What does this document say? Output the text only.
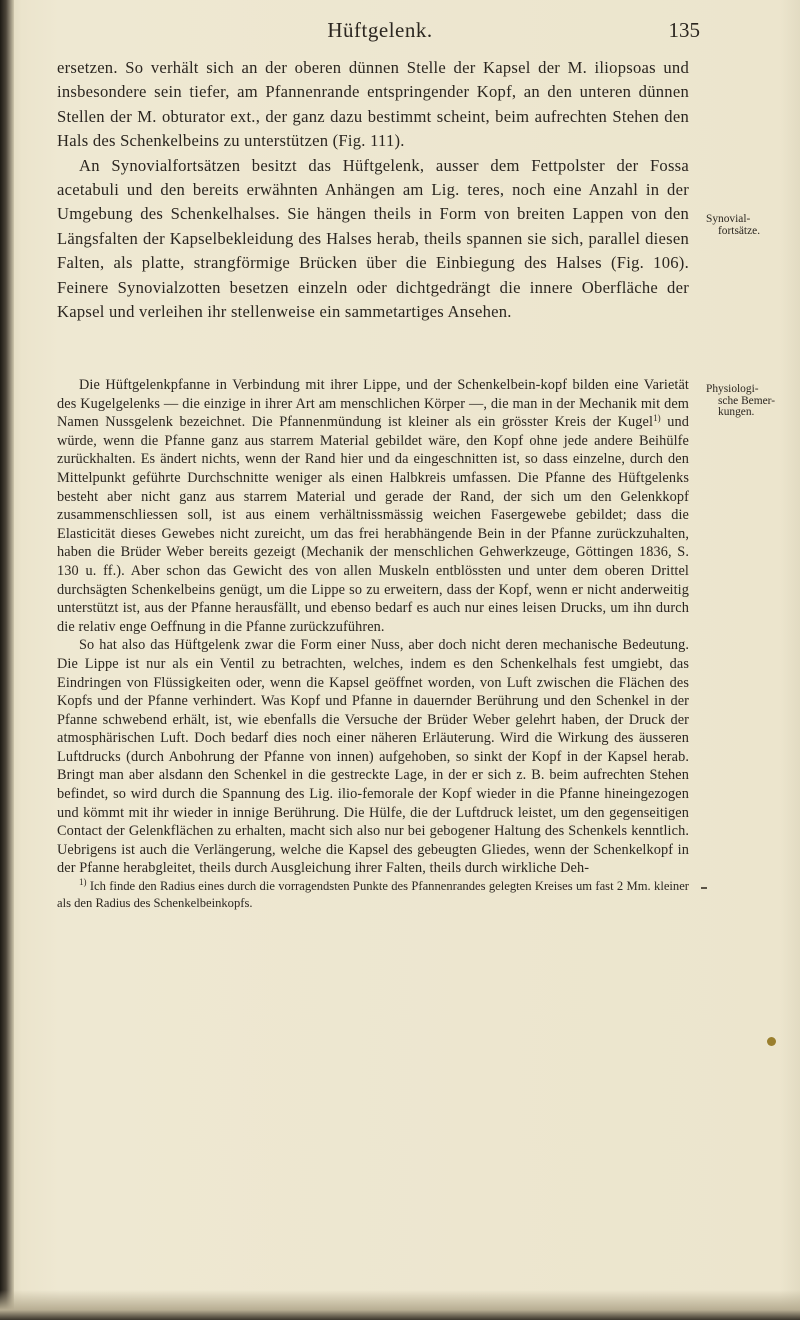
Hüftgelenk.	135

ersetzen. So verhält sich an der oberen dünnen Stelle der Kapsel der M. iliopsoas und insbesondere sein tiefer, am Pfannenrande entspringender Kopf, an den unteren dünnen Stellen der M. obturator ext., der ganz dazu bestimmt scheint, beim aufrechten Stehen den Hals des Schenkelbeins zu unterstützen (Fig. 111).

An Synovialfortsätzen besitzt das Hüftgelenk, ausser dem Fettpolster der Fossa acetabuli und den bereits erwähnten Anhängen am Lig. teres, noch eine Anzahl in der Umgebung des Schenkelhalses. Sie hängen theils in Form von breiten Lappen von den Längsfalten der Kapselbekleidung des Halses herab, theils spannen sie sich, parallel diesen Falten, als platte, strangförmige Brücken über die Einbiegung des Halses (Fig. 106). Feinere Synovialzotten besetzen einzeln oder dichtgedrängt die innere Oberfläche der Kapsel und verleihen ihr stellenweise ein sammetartiges Ansehen.

Synovial-
fortsätze.

Die Hüftgelenkpfanne in Verbindung mit ihrer Lippe, und der Schenkelbein-kopf bilden eine Varietät des Kugelgelenks — die einzige in ihrer Art am menschlichen Körper —, die man in der Mechanik mit dem Namen Nussgelenk bezeichnet. Die Pfannenmündung ist kleiner als ein grösster Kreis der Kugel$^{1)}$ und würde, wenn die Pfanne ganz aus starrem Material gebildet wäre, den Kopf ohne jede andere Beihülfe zurückhalten. Es ändert nichts, wenn der Rand hier und da eingeschnitten ist, so dass einzelne, durch den Mittelpunkt geführte Durchschnitte weniger als einen Halbkreis umfassen. Die Pfanne des Hüftgelenks besteht aber nicht ganz aus starrem Material und gerade der Rand, der sich um den Gelenkkopf zusammenschliessen soll, ist aus einem verhältnissmässig weichen Fasergewebe gebildet; dass die Elasticität dieses Gewebes nicht zureicht, um das frei herabhängende Bein in der Pfanne zurückzuhalten, haben die Brüder Weber bereits gezeigt (Mechanik der menschlichen Gehwerkzeuge, Göttingen 1836, S. 130 u. ff.). Aber schon das Gewicht des von allen Muskeln entblössten und unter dem oberen Drittel durchsägten Schenkelbeins genügt, um die Lippe so zu erweitern, dass der Kopf, wenn er nicht anderweitig unterstützt ist, aus der Pfanne herausfällt, und ebenso bedarf es auch nur eines leisen Drucks, um ihn durch die relativ enge Oeffnung in die Pfanne zurückzuführen.

So hat also das Hüftgelenk zwar die Form einer Nuss, aber doch nicht deren mechanische Bedeutung. Die Lippe ist nur als ein Ventil zu betrachten, welches, indem es den Schenkelhals fest umgiebt, das Eindringen von Flüssigkeiten oder, wenn die Kapsel geöffnet worden, von Luft zwischen die Flächen des Kopfs und der Pfanne verhindert. Was Kopf und Pfanne in dauernder Berührung und den Schenkel in der Pfanne schwebend erhält, ist, wie ebenfalls die Versuche der Brüder Weber gelehrt haben, der Druck der atmosphärischen Luft. Doch bedarf dies noch einer näheren Erläuterung. Wird die Wirkung des äusseren Luftdrucks (durch Anbohrung der Pfanne von innen) aufgehoben, so sinkt der Kopf in der Kapsel herab. Bringt man aber alsdann den Schenkel in die gestreckte Lage, in der er sich z. B. beim aufrechten Stehen befindet, so wird durch die Spannung des Lig. ilio-femorale der Kopf wieder in die Pfanne hineingezogen und kömmt mit ihr wieder in innige Berührung. Die Hülfe, die der Luftdruck leistet, um den gegenseitigen Contact der Gelenkflächen zu erhalten, macht sich also nur bei gebogener Haltung des Schenkels kenntlich. Uebrigens ist auch die Verlängerung, welche die Kapsel des gebeugten Gliedes, wenn der Schenkelkopf in der Pfanne herabgleitet, theils durch Ausgleichung ihrer Falten, theils durch wirkliche Deh-

Physiologi-
sche Bemer-
kungen.
$^{1)}$ Ich finde den Radius eines durch die vorragendsten Punkte des Pfannenrandes gelegten Kreises um fast 2 Mm. kleiner als den Radius des Schenkelbeinkopfs.
